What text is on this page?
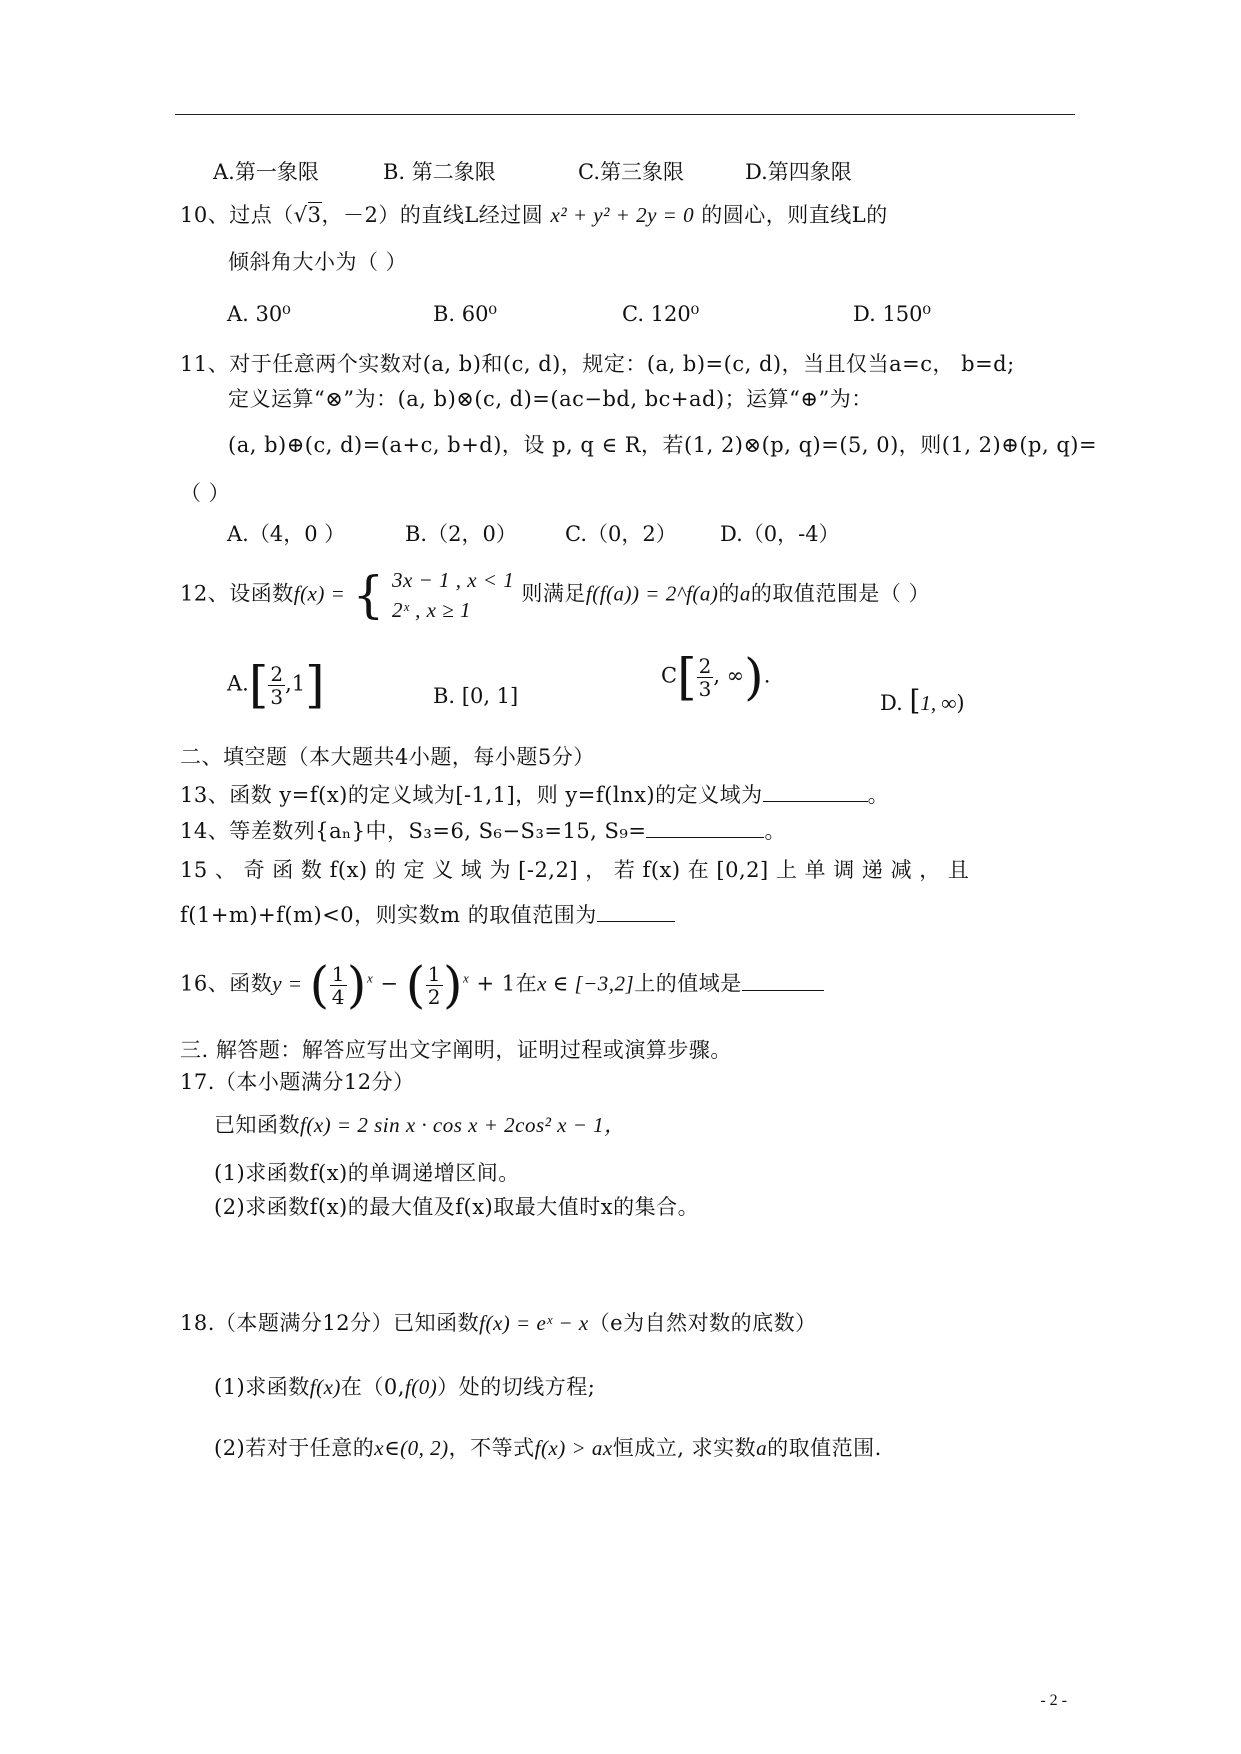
A.第一象限	B. 第二象限	C.第三象限	D.第四象限
10、过点（√3，－2）的直线L经过圆 x² + y² + 2y = 0 的圆心，则直线L的
倾斜角大小为（ ）
A. 30⁰	B. 60⁰	C. 120⁰	D. 150⁰
11、对于任意两个实数对(a, b)和(c, d)，规定：(a, b)=(c, d)，当且仅当a=c， b=d;
定义运算“⊗”为：(a, b)⊗(c, d)=(ac−bd, bc+ad)；运算“⊕”为：
(a, b)⊕(c, d)=(a+c, b+d)，设 p, q ∈ R，若(1, 2)⊗(p, q)=(5, 0)，则(1, 2)⊕(p, q)=
（ ）
A.（4，0 ）	B.（2，0） C.（0，2） D.（0，-4）
12、设函数f(x) = { 3x − 1 , x < 1
2ˣ , x ≥ 1
则满足f(f(a)) = 2^f(a)的a的取值范围是（ ）
$A.[ \frac{2}{3} ,1]$	B. [0, 1]
$C[ \frac{2}{3}$ , ∞).
D. [1, ∞)
二、填空题（本大题共4小题，每小题5分）
13、函数 y=f(x)的定义域为[-1,1]，则 y=f(lnx)的定义域为	。
14、等差数列{aₙ}中，S₃=6, S₆−S₃=15, S₉=	。
15 、 奇 函 数 f(x) 的 定 义 域 为 [-2,2] ， 若 f(x) 在 [0,2] 上 单 调 递 减 ， 且
f(1+m)+f(m)<0，则实数m 的取值范围为
16、函数y = ( $\frac{1}{4} )^x$ − ( $\frac{1}{2} )^x + 1$在x ∈ [−3,2]上的值域是
三. 解答题：解答应写出文字阐明，证明过程或演算步骤。
17.（本小题满分12分）
已知函数f(x) = 2 sin x · cos x + 2cos² x − 1，
(1)求函数f(x)的单调递增区间。
(2)求函数f(x)的最大值及f(x)取最大值时x的集合。
18.（本题满分12分）已知函数f(x) = eˣ − x（e为自然对数的底数）
(1)求函数f(x)在（0,f(0)）处的切线方程;
(2)若对于任意的x∈(0, 2)，不等式f(x) > ax恒成立, 求实数a的取值范围.
- 2 -
